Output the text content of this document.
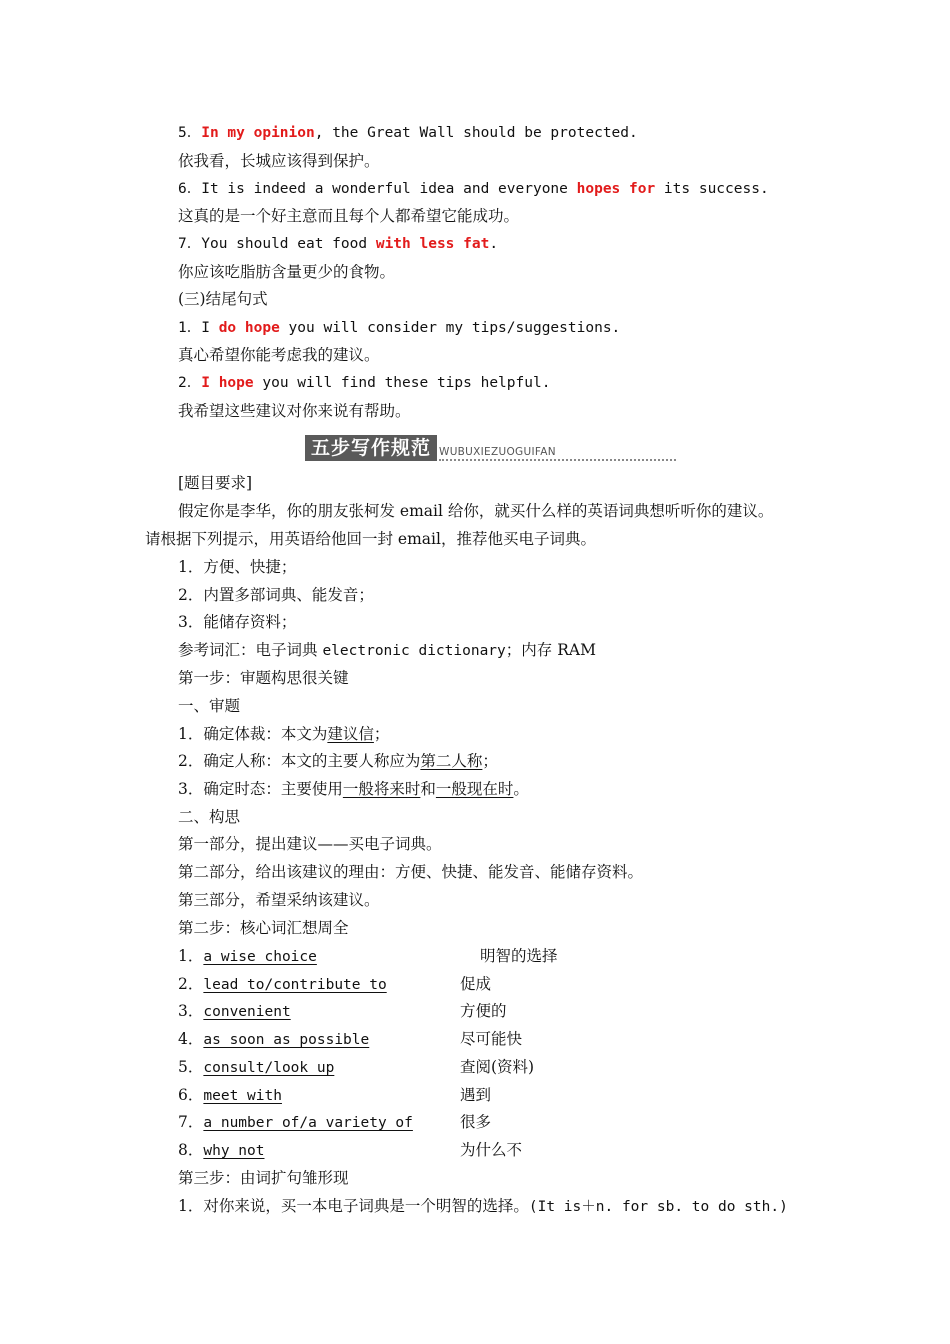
5．In my opinion, the Great Wall should be protected.
依我看，长城应该得到保护。
6．It is indeed a wonderful idea and everyone hopes for its success.
这真的是一个好主意而且每个人都希望它能成功。
7．You should eat food with less fat.
你应该吃脂肪含量更少的食物。
(三)结尾句式
1．I do hope you will consider my tips/suggestions.
真心希望你能考虑我的建议。
2．I hope you will find these tips helpful.
我希望这些建议对你来说有帮助。
五步写作规范 WUBUXIEZUOGUIFAN
[题目要求]
假定你是李华，你的朋友张柯发 email 给你，就买什么样的英语词典想听听你的建议。
请根据下列提示，用英语给他回一封 email，推荐他买电子词典。
1．方便、快捷；
2．内置多部词典、能发音；
3．能储存资料；
参考词汇：电子词典 electronic dictionary；内存 RAM
第一步：审题构思很关键
一、审题
1．确定体裁：本文为建议信；
2．确定人称：本文的主要人称应为第二人称；
3．确定时态：主要使用一般将来时和一般现在时。
二、构思
第一部分，提出建议——买电子词典。
第二部分，给出该建议的理由：方便、快捷、能发音、能储存资料。
第三部分，希望采纳该建议。
第二步：核心词汇想周全
1．a wise choice	明智的选择
2．lead to/contribute to	促成
3．convenient	方便的
4．as soon as possible	尽可能快
5．consult/look up	查阅(资料)
6．meet with	遇到
7．a number of/a variety of	很多
8．why not	为什么不
第三步：由词扩句雏形现
1．对你来说，买一本电子词典是一个明智的选择。(It is＋n. for sb. to do sth.)
